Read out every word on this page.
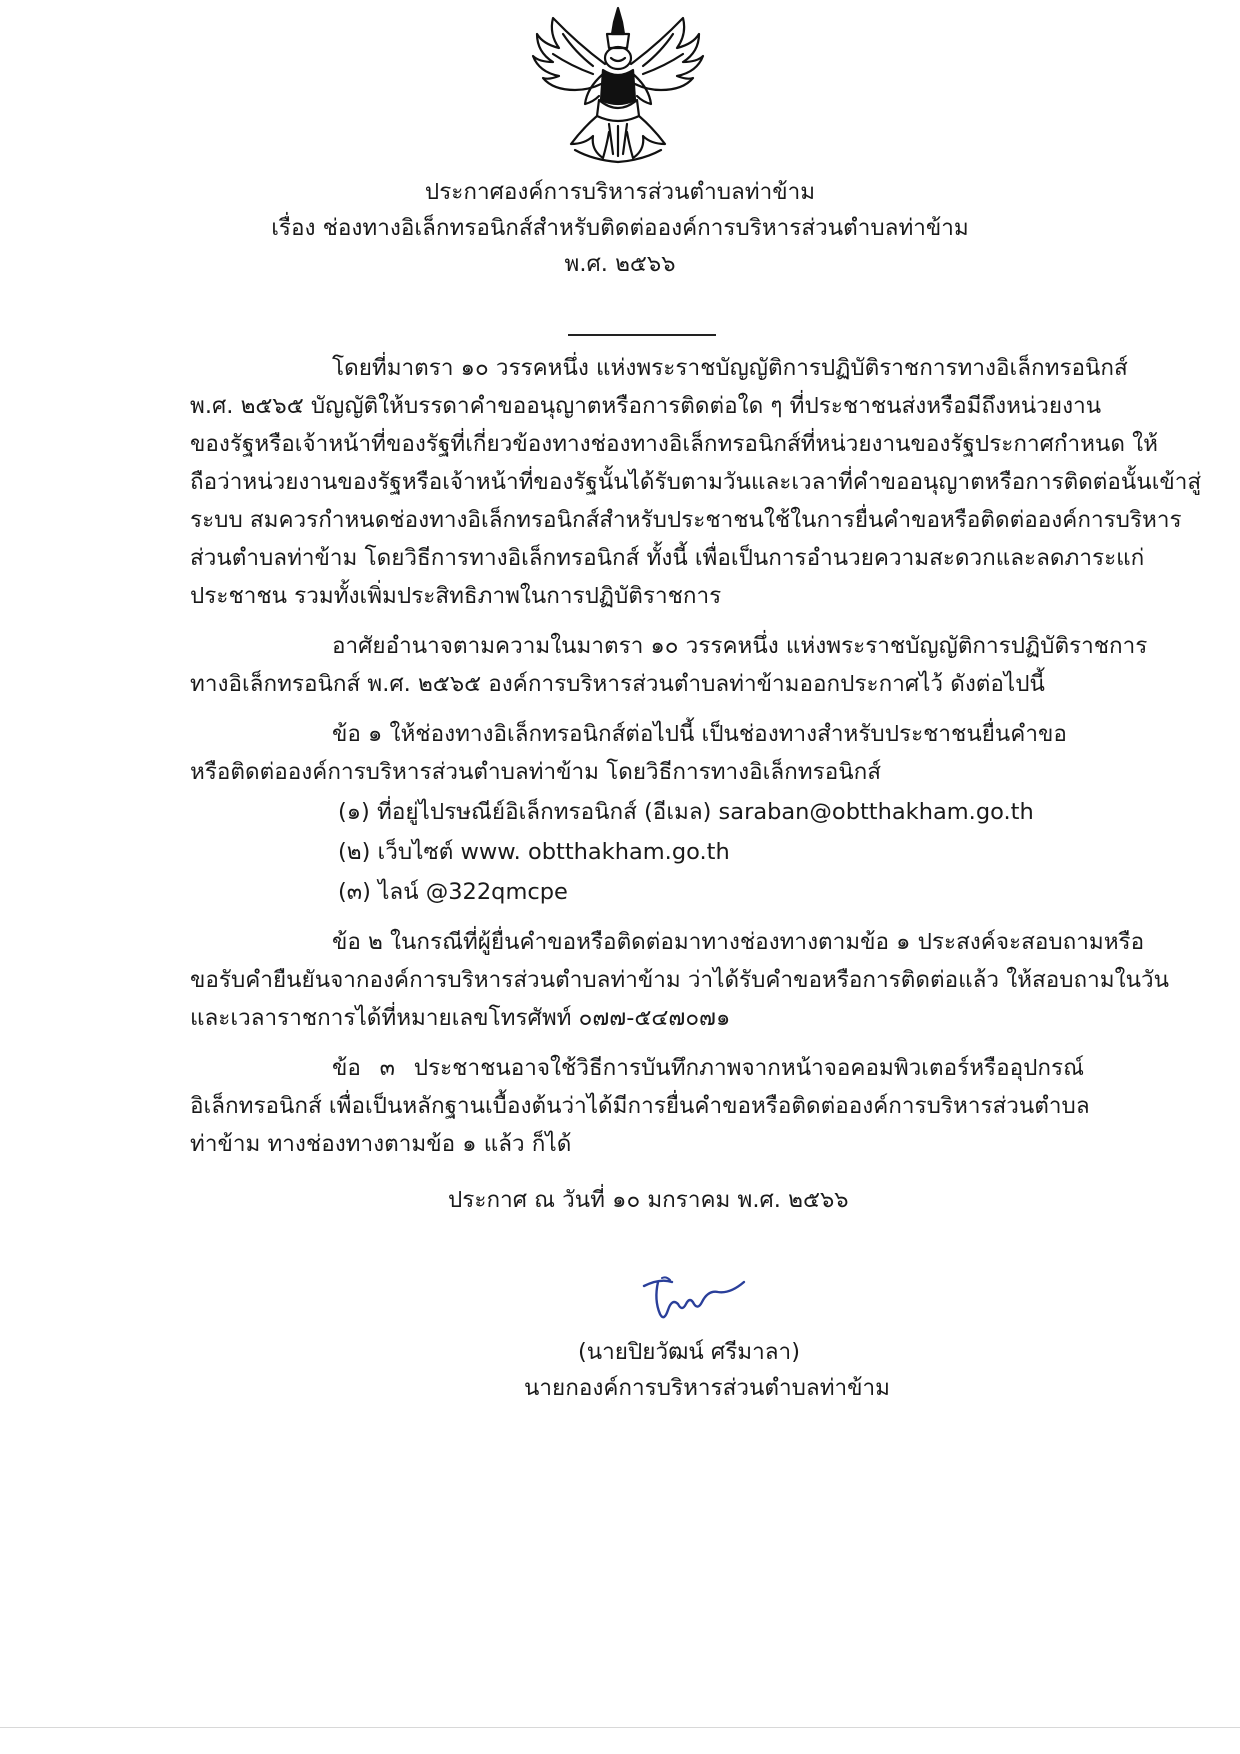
ประกาศองค์การบริหารส่วนตำบลท่าข้าม
เรื่อง ช่องทางอิเล็กทรอนิกส์สำหรับติดต่อองค์การบริหารส่วนตำบลท่าข้าม
พ.ศ. ๒๕๖๖
โดยที่มาตรา ๑๐ วรรคหนึ่ง แห่งพระราชบัญญัติการปฏิบัติราชการทางอิเล็กทรอนิกส์
พ.ศ. ๒๕๖๕ บัญญัติให้บรรดาคำขออนุญาตหรือการติดต่อใด ๆ ที่ประชาชนส่งหรือมีถึงหน่วยงาน
ของรัฐหรือเจ้าหน้าที่ของรัฐที่เกี่ยวข้องทางช่องทางอิเล็กทรอนิกส์ที่หน่วยงานของรัฐประกาศกำหนด ให้
ถือว่าหน่วยงานของรัฐหรือเจ้าหน้าที่ของรัฐนั้นได้รับตามวันและเวลาที่คำขออนุญาตหรือการติดต่อนั้นเข้าสู่
ระบบ สมควรกำหนดช่องทางอิเล็กทรอนิกส์สำหรับประชาชนใช้ในการยื่นคำขอหรือติดต่อองค์การบริหาร
ส่วนตำบลท่าข้าม โดยวิธีการทางอิเล็กทรอนิกส์ ทั้งนี้ เพื่อเป็นการอำนวยความสะดวกและลดภาระแก่
ประชาชน รวมทั้งเพิ่มประสิทธิภาพในการปฏิบัติราชการ
อาศัยอำนาจตามความในมาตรา ๑๐ วรรคหนึ่ง แห่งพระราชบัญญัติการปฏิบัติราชการ
ทางอิเล็กทรอนิกส์ พ.ศ. ๒๕๖๕ องค์การบริหารส่วนตำบลท่าข้ามออกประกาศไว้ ดังต่อไปนี้
ข้อ ๑ ให้ช่องทางอิเล็กทรอนิกส์ต่อไปนี้ เป็นช่องทางสำหรับประชาชนยื่นคำขอ
หรือติดต่อองค์การบริหารส่วนตำบลท่าข้าม โดยวิธีการทางอิเล็กทรอนิกส์
(๑) ที่อยู่ไปรษณีย์อิเล็กทรอนิกส์ (อีเมล) saraban@obtthakham.go.th
(๒) เว็บไซต์ www. obtthakham.go.th
(๓) ไลน์ @322qmcpe
ข้อ ๒ ในกรณีที่ผู้ยื่นคำขอหรือติดต่อมาทางช่องทางตามข้อ ๑ ประสงค์จะสอบถามหรือ
ขอรับคำยืนยันจากองค์การบริหารส่วนตำบลท่าข้าม ว่าได้รับคำขอหรือการติดต่อแล้ว ให้สอบถามในวัน
และเวลาราชการได้ที่หมายเลขโทรศัพท์ ๐๗๗-๕๔๗๐๗๑
ข้อ ๓ ประชาชนอาจใช้วิธีการบันทึกภาพจากหน้าจอคอมพิวเตอร์หรืออุปกรณ์
อิเล็กทรอนิกส์ เพื่อเป็นหลักฐานเบื้องต้นว่าได้มีการยื่นคำขอหรือติดต่อองค์การบริหารส่วนตำบล
ท่าข้าม ทางช่องทางตามข้อ ๑ แล้ว ก็ได้
ประกาศ ณ วันที่ ๑๐ มกราคม พ.ศ. ๒๕๖๖
(นายปิยวัฒน์ ศรีมาลา)
นายกองค์การบริหารส่วนตำบลท่าข้าม
